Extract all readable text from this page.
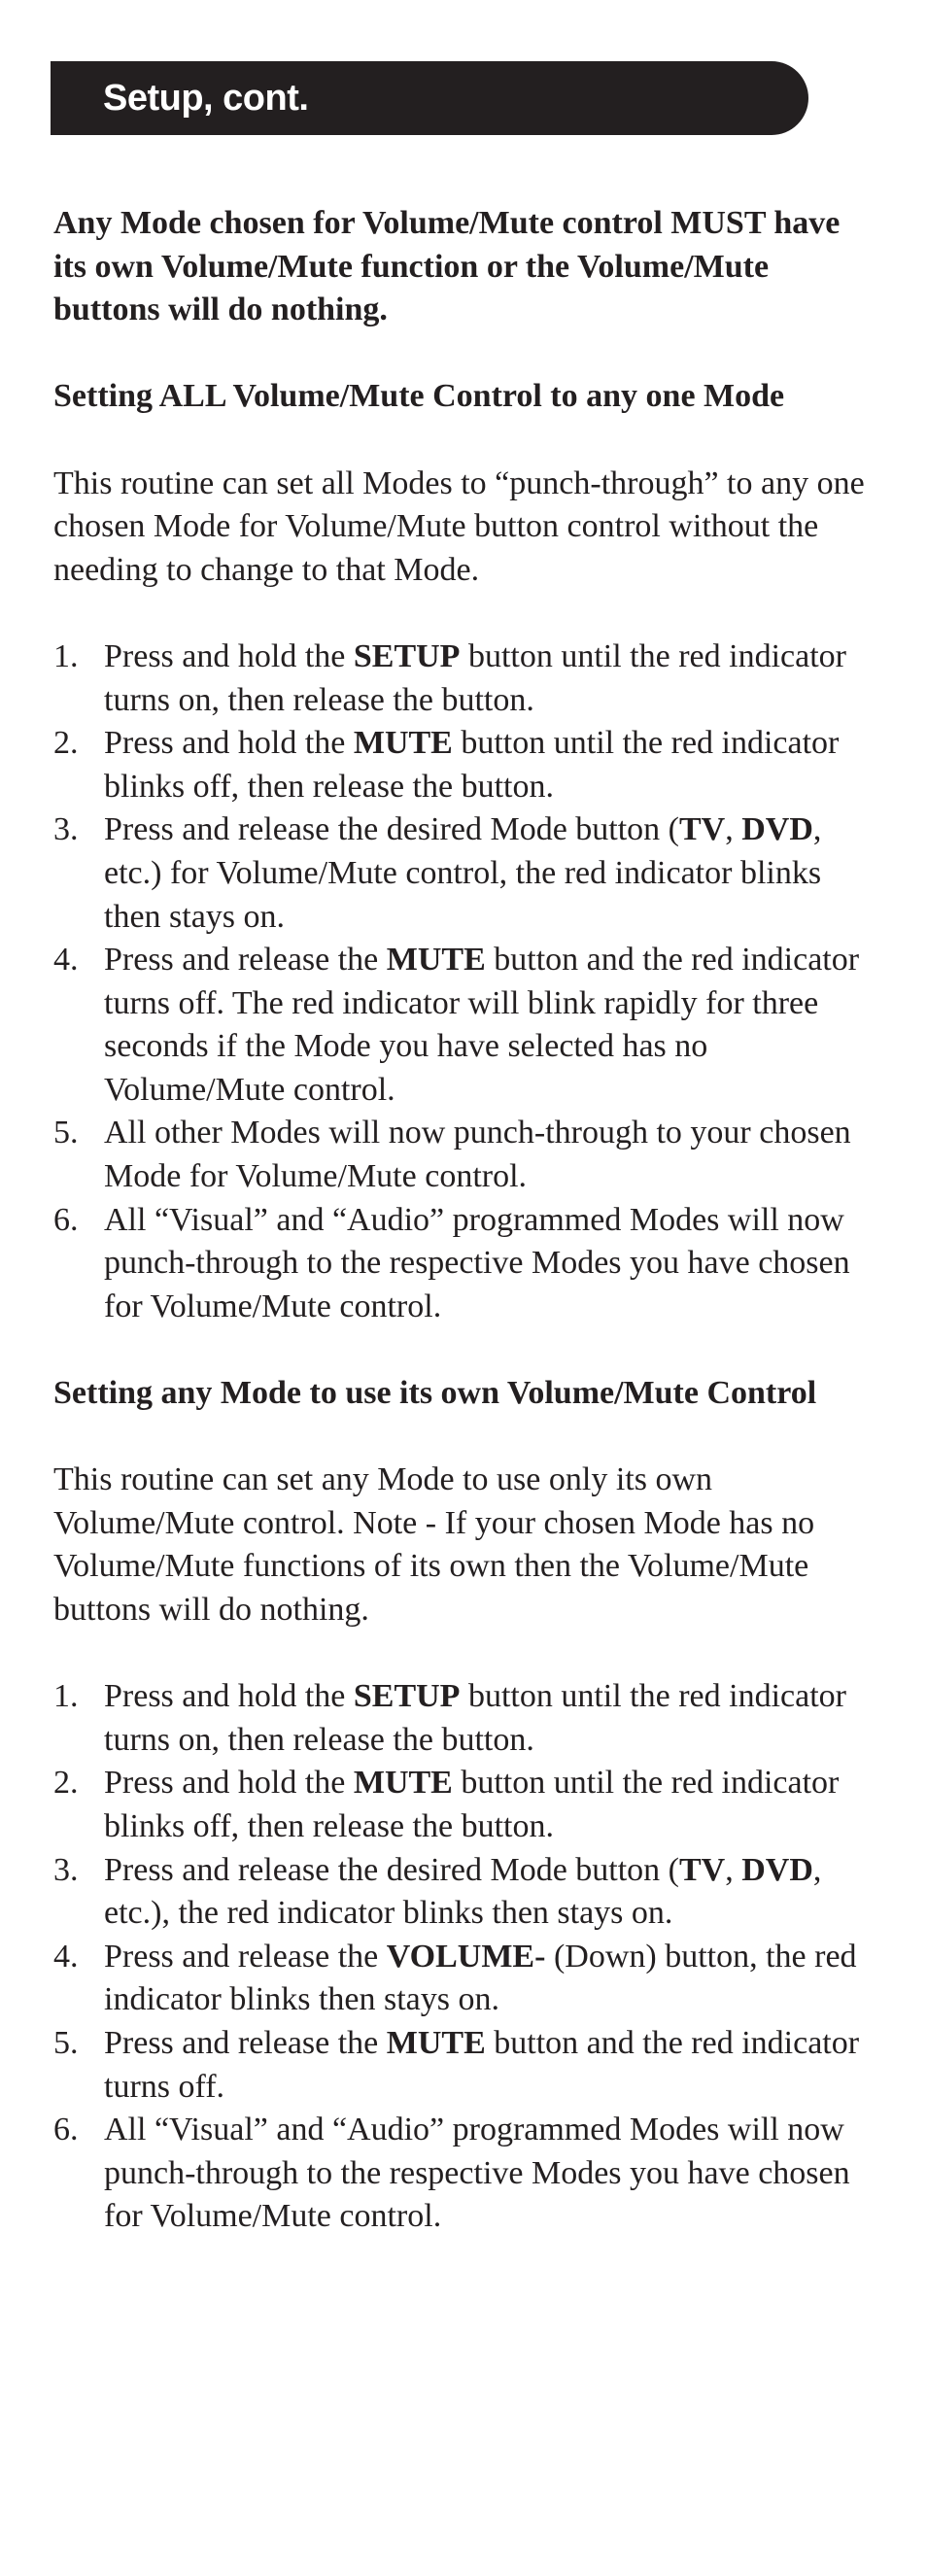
Setup, cont.

Any Mode chosen for Volume/Mute control MUST have its own Volume/Mute function or the Volume/Mute buttons will do nothing.

Setting ALL Volume/Mute Control to any one Mode

This routine can set all Modes to “punch-through” to any one chosen Mode for Volume/Mute button control without the needing to change to that Mode.

1. Press and hold the SETUP button until the red indicator turns on, then release the button.
2. Press and hold the MUTE button until the red indicator blinks off, then release the button.
3. Press and release the desired Mode button (TV, DVD, etc.) for Volume/Mute control, the red indicator blinks then stays on.
4. Press and release the MUTE button and the red indicator turns off. The red indicator will blink rapidly for three seconds if the Mode you have selected has no Volume/Mute control.
5. All other Modes will now punch-through to your chosen Mode for Volume/Mute control.
6. All “Visual” and “Audio” programmed Modes will now punch-through to the respective Modes you have chosen for Volume/Mute control.

Setting any Mode to use its own Volume/Mute Control

This routine can set any Mode to use only its own Volume/Mute control. Note - If your chosen Mode has no Volume/Mute functions of its own then the Volume/Mute buttons will do nothing.

1. Press and hold the SETUP button until the red indicator turns on, then release the button.
2. Press and hold the MUTE button until the red indicator blinks off, then release the button.
3. Press and release the desired Mode button (TV, DVD, etc.), the red indicator blinks then stays on.
4. Press and release the VOLUME- (Down) button, the red indicator blinks then stays on.
5. Press and release the MUTE button and the red indicator turns off.
6. All “Visual” and “Audio” programmed Modes will now punch-through to the respective Modes you have chosen for Volume/Mute control.
